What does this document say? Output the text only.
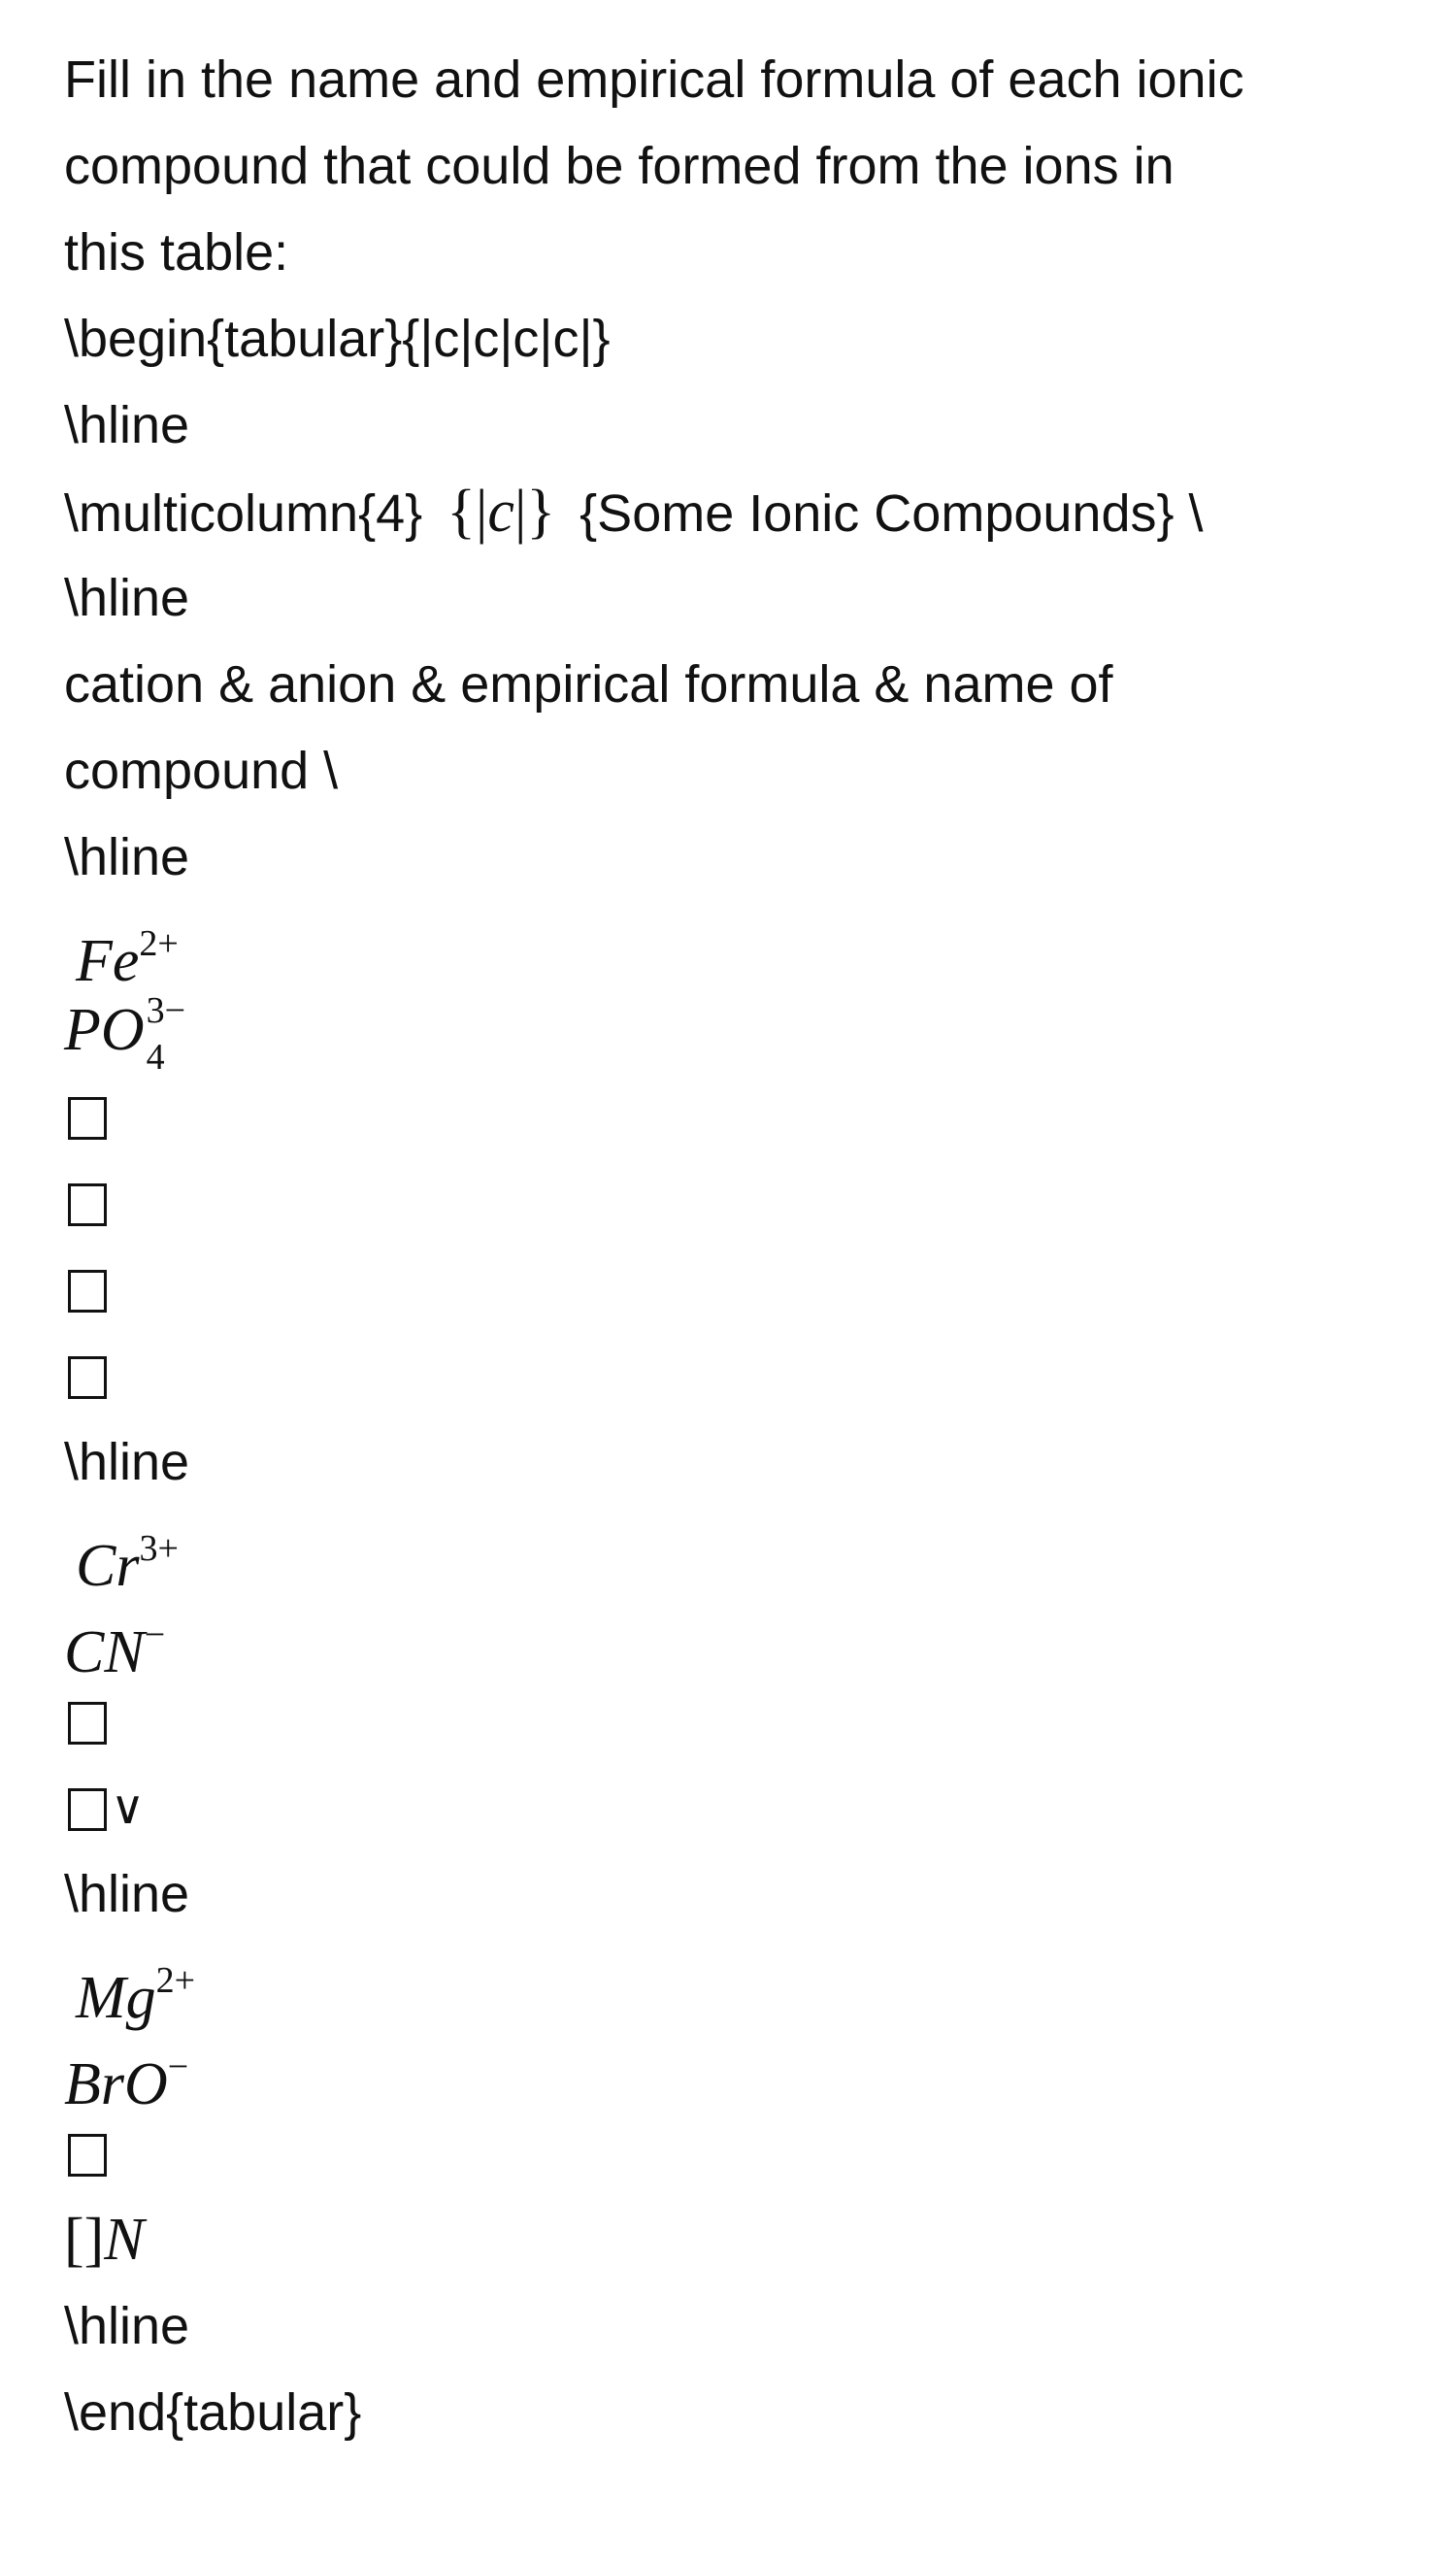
Fill in the name and empirical formula of each ionic
compound that could be formed from the ions in
this table:
\begin{tabular}{|c|c|c|c|}
\hline
\multicolumn{4} {|c|} {Some Ionic Compounds} \
\hline
cation & anion & empirical formula & name of
compound \
\hline
$Fe^{2+}$
PO 3−
4
\hline
$Cr^{3+}$
CN−
∨
\hline
$Mg^{2+}$
BrO−
[]N
\hline
\end{tabular}
